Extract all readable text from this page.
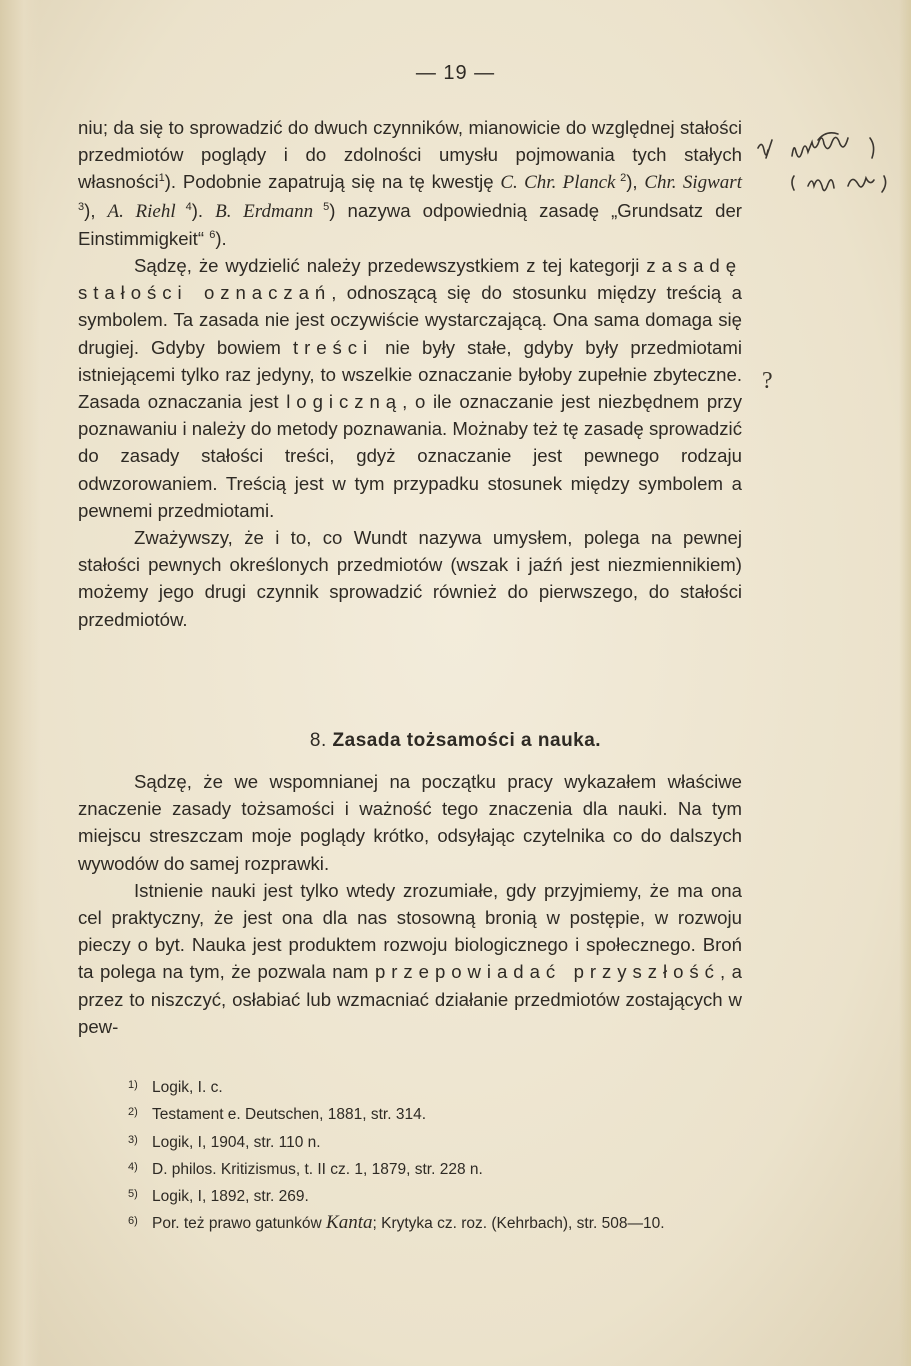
— 19 —

niu; da się to sprowadzić do dwuch czynników, mianowicie do względnej stałości przedmiotów poglądy i do zdolności umysłu pojmowania tych stałych własności$^1$). Podobnie zapatrują się na tę kwestję C. Chr. Planck $^2$), Chr. Sigwart $^3$), A. Riehl $^4$). B. Erdmann $^5$) nazywa odpowiednią zasadę „Grundsatz der Einstimmigkeit“ $^6$).

Sądzę, że wydzielić należy przedewszystkiem z tej kategorji zasadę stałości oznaczań, odnoszącą się do stosunku między treścią a symbolem. Ta zasada nie jest oczywiście wystarczającą. Ona sama domaga się drugiej. Gdyby bowiem treści nie były stałe, gdyby były przedmiotami istniejącemi tylko raz jedyny, to wszelkie oznaczanie byłoby zupełnie zbyteczne. Zasada oznaczania jest logiczną, o ile oznaczanie jest niezbędnem przy poznawaniu i należy do metody poznawania. Możnaby też tę zasadę sprowadzić do zasady stałości treści, gdyż oznaczanie jest pewnego rodzaju odwzorowaniem. Treścią jest w tym przypadku stosunek między symbolem a pewnemi przedmiotami.

Zważywszy, że i to, co Wundt nazywa umysłem, polega na pewnej stałości pewnych określonych przedmiotów (wszak i jaźń jest niezmiennikiem) możemy jego drugi czynnik sprowadzić również do pierwszego, do stałości przedmiotów.

8. Zasada tożsamości a nauka.

Sądzę, że we wspomnianej na początku pracy wykazałem właściwe znaczenie zasady tożsamości i ważność tego znaczenia dla nauki. Na tym miejscu streszczam moje poglądy krótko, odsyłając czytelnika co do dalszych wywodów do samej rozprawki.

Istnienie nauki jest tylko wtedy zrozumiałe, gdy przyjmiemy, że ma ona cel praktyczny, że jest ona dla nas stosowną bronią w postępie, w rozwoju pieczy o byt. Nauka jest produktem rozwoju biologicznego i społecznego. Broń ta polega na tym, że pozwala nam przepowiadać przyszłość, a przez to niszczyć, osłabiać lub wzmacniać działanie przedmiotów zostających w pew-

1) Logik, I. c.
2) Testament e. Deutschen, 1881, str. 314.
3) Logik, I, 1904, str. 110 n.
4) D. philos. Kritizismus, t. II cz. 1, 1879, str. 228 n.
5) Logik, I, 1892, str. 269.
6) Por. też prawo gatunków Kanta; Krytyka cz. roz. (Kehrbach), str. 508—10.
?
